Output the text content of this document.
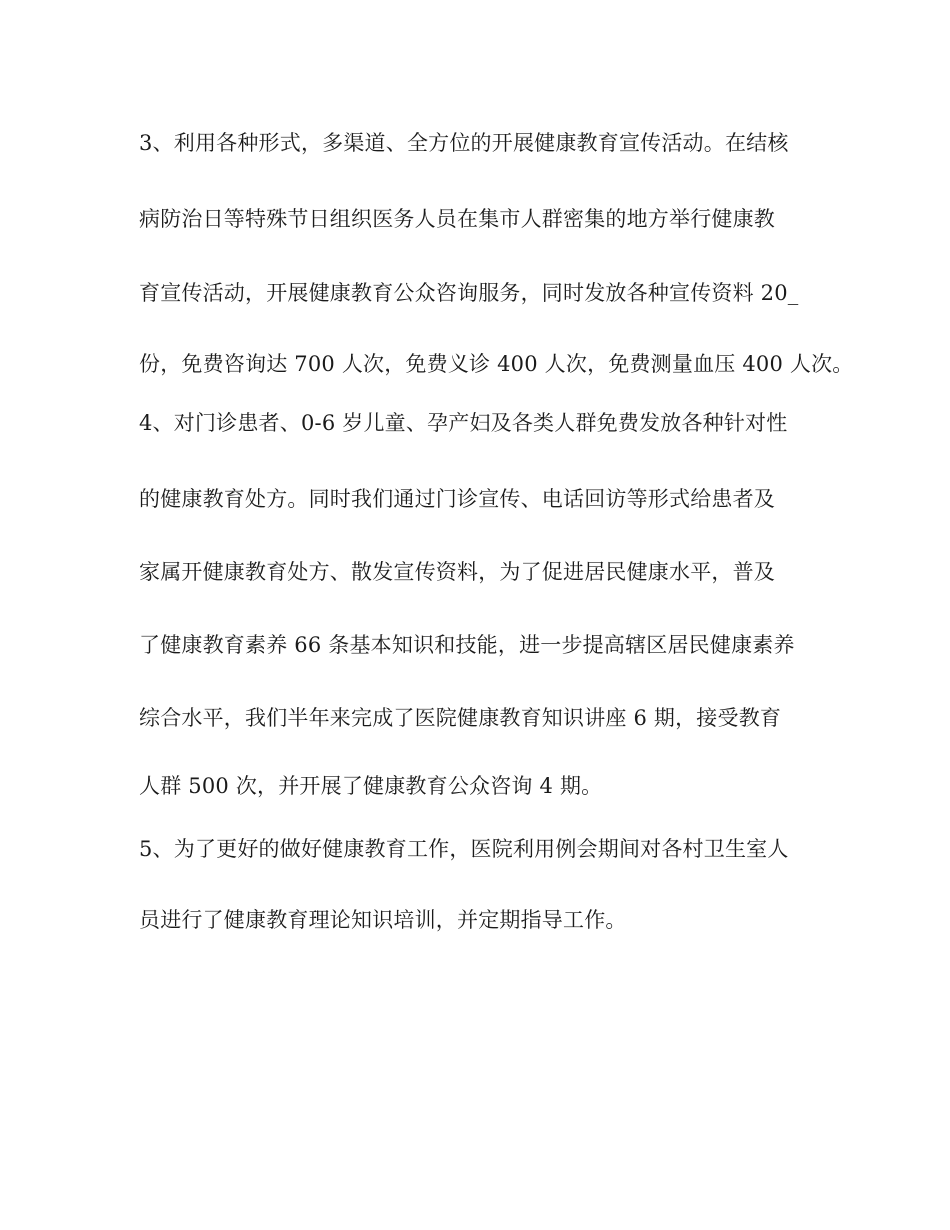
3、利用各种形式，多渠道、全方位的开展健康教育宣传活动。在结核
病防治日等特殊节日组织医务人员在集市人群密集的地方举行健康教
育宣传活动，开展健康教育公众咨询服务，同时发放各种宣传资料 20_
份，免费咨询达 700 人次，免费义诊 400 人次，免费测量血压 400 人次。
4、对门诊患者、0-6 岁儿童、孕产妇及各类人群免费发放各种针对性
的健康教育处方。同时我们通过门诊宣传、电话回访等形式给患者及
家属开健康教育处方、散发宣传资料，为了促进居民健康水平，普及
了健康教育素养 66 条基本知识和技能，进一步提高辖区居民健康素养
综合水平，我们半年来完成了医院健康教育知识讲座 6 期，接受教育
人群 500 次，并开展了健康教育公众咨询 4 期。
5、为了更好的做好健康教育工作，医院利用例会期间对各村卫生室人
员进行了健康教育理论知识培训，并定期指导工作。
